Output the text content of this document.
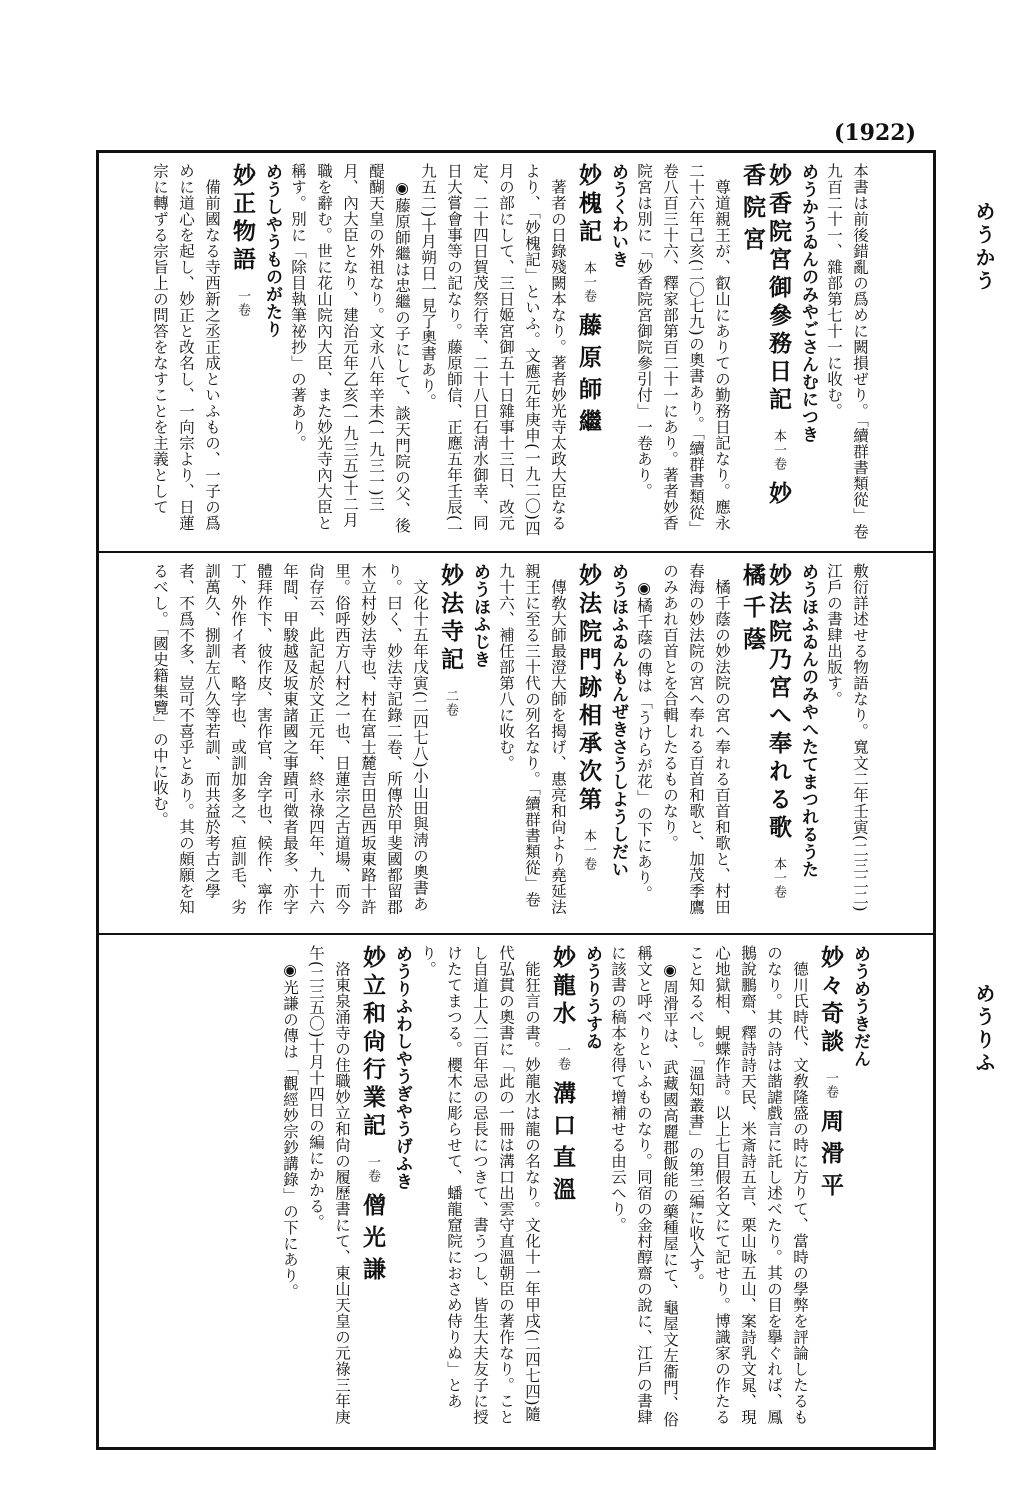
(1922)
めうかう
めうりふ

本書は前後錯亂の爲めに闕損ぜり。「續群書類從」卷九百二十一、雜部第七十一に收む。

めうかうゐんのみやごさんむにつき

妙香院宮御參務日記本一卷妙香院宮

尊道親王が、叡山にありての勤務日記なり。應永二十六年己亥(二〇七九)の奧書あり。「續群書類從」卷八百三十六、釋家部第百二十一にあり。著者妙香院宮は別に「妙香院宮御院參引付」一卷あり。

めうくわいき

妙槐記本一卷藤原師繼

著者の日錄殘闕本なり。著者妙光寺太政大臣なるより、「妙槐記」といふ。文應元年庚申(一九二〇)四月の部にして、三日姬宮御五十日雜事十三日、改元定、二十四日賀茂祭行幸、二十八日石淸水御幸、同日大嘗會事等の記なり。藤原師信、正應五年壬辰(一九五二)十月朔日一見了奧書あり。

◉藤原師繼は忠繼の子にして、談天門院の父、後醍醐天皇の外祖なり。文永八年辛未(一九三一)三月、內大臣となり、建治元年乙亥(一九三五)十二月職を辭む。世に花山院內大臣、また妙光寺內大臣と稱す。別に「除目執筆祕抄」の著あり。

めうしやうものがたり

妙正物語一卷

備前國なる寺西新之丞正成といふもの、一子の爲めに道心を起し、妙正と改名し、一向宗より、日蓮宗に轉ずる宗旨上の問答をなすことを主義として

敷衍詳述せる物語なり。寬文二年壬寅(二三二二)江戶の書肆出版す。

めうほふゐんのみやへたてまつれるうた

妙法院乃宮へ奉れる歌本一卷橘千蔭

橘千蔭の妙法院の宮へ奉れる百首和歌と、村田春海の妙法院の宮へ奉れる百首和歌と、加茂季鷹のみあれ百首とを合輯したるものなり。

◉橘千蔭の傳は「うけらが花」の下にあり。

めうほふゐんもんぜきさうしようしだい

妙法院門跡相承次第本一卷

傳敎大師最澄大師を揭げ、惠亮和尙より堯延法親王に至る三十代の列名なり。「續群書類從」卷九十六、補任部第八に收む。

めうほふじき

妙法寺記二卷

文化十五年戊寅(二四七八)小山田與淸の奧書あり。曰く、妙法寺記錄二卷、所傳於甲斐國都留郡木立村妙法寺也、村在富士麓吉田邑西坂東路十許里。俗呼西方八村之一也、日蓮宗之古道場、而今尙存云、此記起於文正元年、終永祿四年、九十六年間、甲駿越及坂東諸國之事蹟可徵者最多、亦字體拜作卞、彼作皮、害作官、舍字也、候作、寧作丁、外作イ者、略字也、或訓加多之、疸訓毛、劣訓萬久、捌訓左八久等若訓、而共益於考古之學者、不爲不多、豈可不喜乎とあり。其の頗願を知るべし。「國史籍集覽」の中に收む。

めうめうきだん

妙々奇談一卷周滑平

德川氏時代、文敎隆盛の時に方りて、當時の學弊を評論したるものなり。其の詩は諧謔戲言に託し述べたり。其の目を擧ぐれば、鳳鵝說鵬齋、釋詩詩天民、米斎詩五言、栗山咏五山、案詩乳文晁、現心地獄相、蜆蝶作詩。以上七目假名文にて記せり。博識家の作たること知るべし。「溫知叢書」の第三編に收入す。

◉周滑平は、武藏國高麗郡飯能の藥種屋にて、龜屋文左衞門、俗稱文と呼べりといふものなり。同宿の金村醇齋の說に、江戶の書肆に該書の稿本を得て增補せる由云へり。

めうりうすゐ

妙龍水一卷溝口直溫

能狂言の書。妙龍水は龍の名なり。文化十一年甲戌(二四七四)隨代弘貫の奧書に「此の一冊は溝口出雲守直溫朝臣の著作なり。ことし自道上人二百年忌の忌長につきて、書うつし、皆生大夫友子に授けたてまつる。櫻木に彫らせて、蟠龍窟院におさめ侍りぬ」とあり。

めうりふわしやうぎやうげふき

妙立和尙行業記一卷僧光謙

洛東泉涌寺の住職妙立和尙の履歷書にて、東山天皇の元祿三年庚午(二三五〇)十月十四日の編にかかる。

◉光謙の傳は「觀經妙宗鈔講錄」の下にあり。
